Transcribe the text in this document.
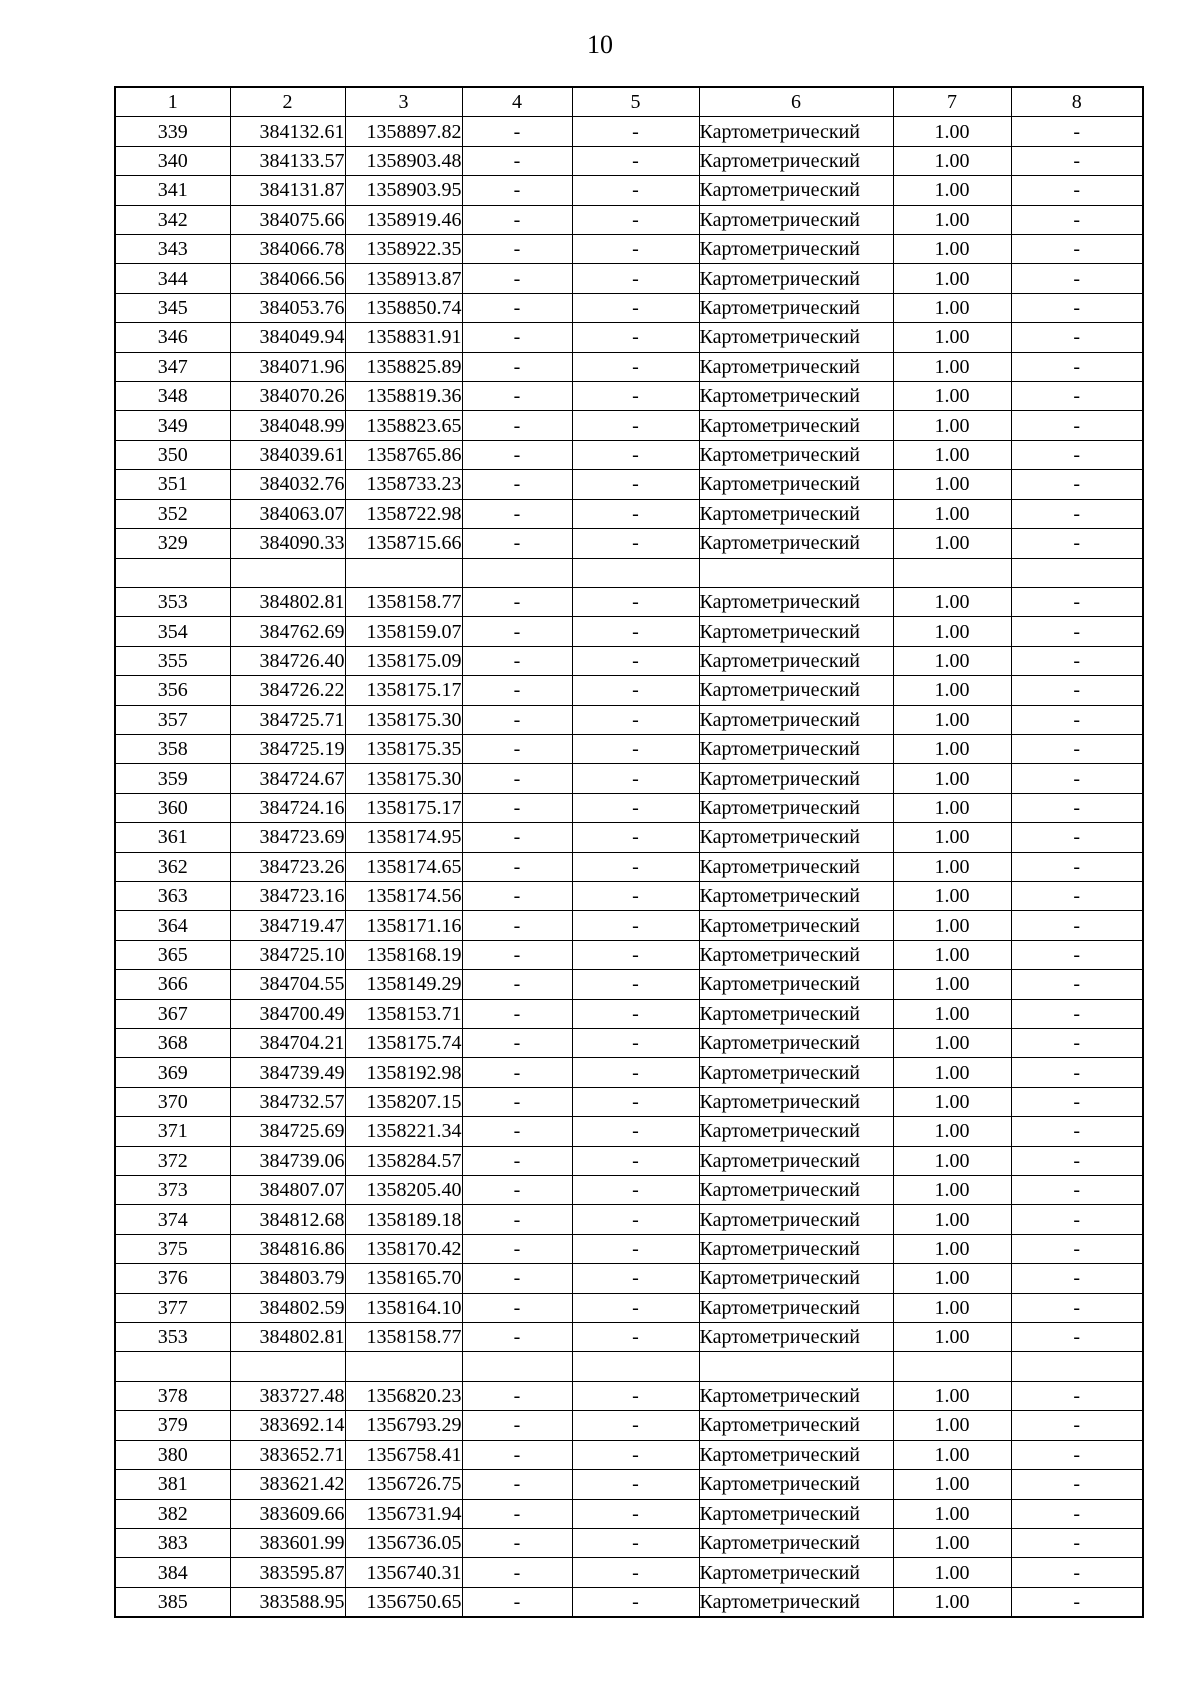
10
1	2	3	4	5	6	7	8
339	384132.61	1358897.82	-	-	Картометрический	1.00	-
340	384133.57	1358903.48	-	-	Картометрический	1.00	-
341	384131.87	1358903.95	-	-	Картометрический	1.00	-
342	384075.66	1358919.46	-	-	Картометрический	1.00	-
343	384066.78	1358922.35	-	-	Картометрический	1.00	-
344	384066.56	1358913.87	-	-	Картометрический	1.00	-
345	384053.76	1358850.74	-	-	Картометрический	1.00	-
346	384049.94	1358831.91	-	-	Картометрический	1.00	-
347	384071.96	1358825.89	-	-	Картометрический	1.00	-
348	384070.26	1358819.36	-	-	Картометрический	1.00	-
349	384048.99	1358823.65	-	-	Картометрический	1.00	-
350	384039.61	1358765.86	-	-	Картометрический	1.00	-
351	384032.76	1358733.23	-	-	Картометрический	1.00	-
352	384063.07	1358722.98	-	-	Картометрический	1.00	-
329	384090.33	1358715.66	-	-	Картометрический	1.00	-

353	384802.81	1358158.77	-	-	Картометрический	1.00	-
354	384762.69	1358159.07	-	-	Картометрический	1.00	-
355	384726.40	1358175.09	-	-	Картометрический	1.00	-
356	384726.22	1358175.17	-	-	Картометрический	1.00	-
357	384725.71	1358175.30	-	-	Картометрический	1.00	-
358	384725.19	1358175.35	-	-	Картометрический	1.00	-
359	384724.67	1358175.30	-	-	Картометрический	1.00	-
360	384724.16	1358175.17	-	-	Картометрический	1.00	-
361	384723.69	1358174.95	-	-	Картометрический	1.00	-
362	384723.26	1358174.65	-	-	Картометрический	1.00	-
363	384723.16	1358174.56	-	-	Картометрический	1.00	-
364	384719.47	1358171.16	-	-	Картометрический	1.00	-
365	384725.10	1358168.19	-	-	Картометрический	1.00	-
366	384704.55	1358149.29	-	-	Картометрический	1.00	-
367	384700.49	1358153.71	-	-	Картометрический	1.00	-
368	384704.21	1358175.74	-	-	Картометрический	1.00	-
369	384739.49	1358192.98	-	-	Картометрический	1.00	-
370	384732.57	1358207.15	-	-	Картометрический	1.00	-
371	384725.69	1358221.34	-	-	Картометрический	1.00	-
372	384739.06	1358284.57	-	-	Картометрический	1.00	-
373	384807.07	1358205.40	-	-	Картометрический	1.00	-
374	384812.68	1358189.18	-	-	Картометрический	1.00	-
375	384816.86	1358170.42	-	-	Картометрический	1.00	-
376	384803.79	1358165.70	-	-	Картометрический	1.00	-
377	384802.59	1358164.10	-	-	Картометрический	1.00	-
353	384802.81	1358158.77	-	-	Картометрический	1.00	-

378	383727.48	1356820.23	-	-	Картометрический	1.00	-
379	383692.14	1356793.29	-	-	Картометрический	1.00	-
380	383652.71	1356758.41	-	-	Картометрический	1.00	-
381	383621.42	1356726.75	-	-	Картометрический	1.00	-
382	383609.66	1356731.94	-	-	Картометрический	1.00	-
383	383601.99	1356736.05	-	-	Картометрический	1.00	-
384	383595.87	1356740.31	-	-	Картометрический	1.00	-
385	383588.95	1356750.65	-	-	Картометрический	1.00	-
